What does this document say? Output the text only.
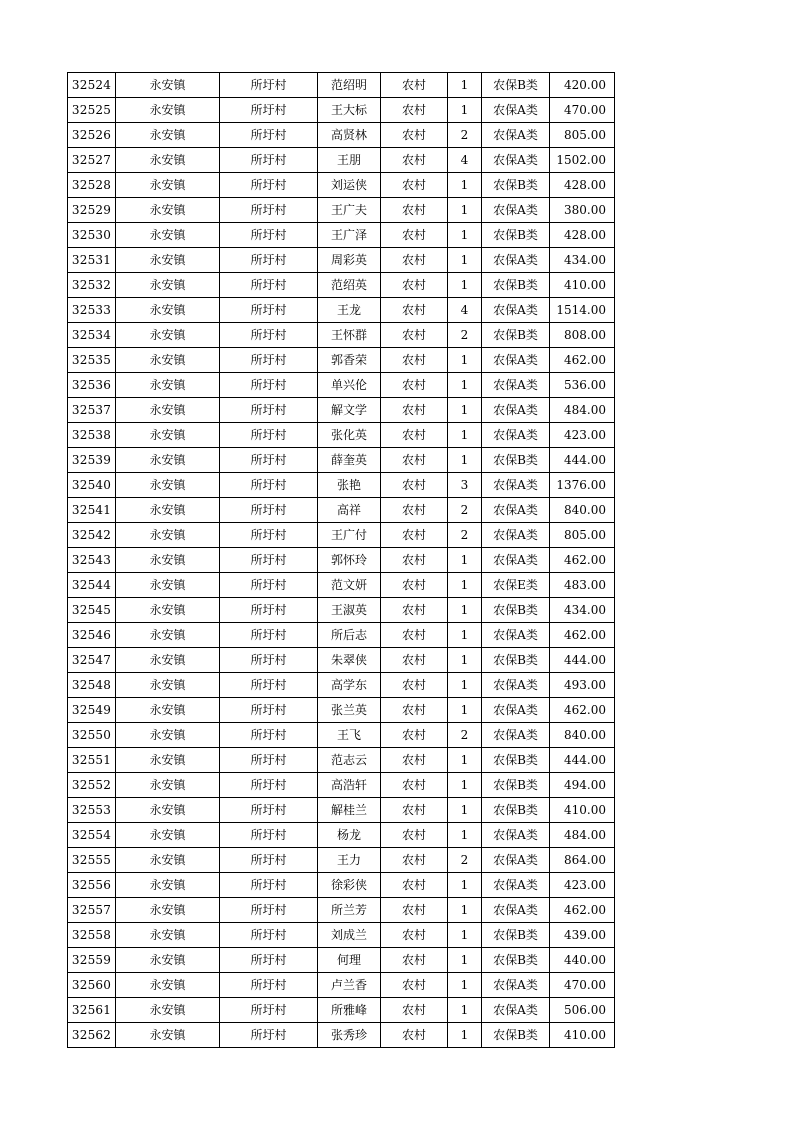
32524	永安镇	所圩村	范绍明	农村	1	农保B类	420.00
32525	永安镇	所圩村	王大标	农村	1	农保A类	470.00
32526	永安镇	所圩村	高贤林	农村	2	农保A类	805.00
32527	永安镇	所圩村	王朋	农村	4	农保A类	1502.00
32528	永安镇	所圩村	刘运侠	农村	1	农保B类	428.00
32529	永安镇	所圩村	王广夫	农村	1	农保A类	380.00
32530	永安镇	所圩村	王广泽	农村	1	农保B类	428.00
32531	永安镇	所圩村	周彩英	农村	1	农保A类	434.00
32532	永安镇	所圩村	范绍英	农村	1	农保B类	410.00
32533	永安镇	所圩村	王龙	农村	4	农保A类	1514.00
32534	永安镇	所圩村	王怀群	农村	2	农保B类	808.00
32535	永安镇	所圩村	郭香荣	农村	1	农保A类	462.00
32536	永安镇	所圩村	单兴伦	农村	1	农保A类	536.00
32537	永安镇	所圩村	解文学	农村	1	农保A类	484.00
32538	永安镇	所圩村	张化英	农村	1	农保A类	423.00
32539	永安镇	所圩村	薛奎英	农村	1	农保B类	444.00
32540	永安镇	所圩村	张艳	农村	3	农保A类	1376.00
32541	永安镇	所圩村	高祥	农村	2	农保A类	840.00
32542	永安镇	所圩村	王广付	农村	2	农保A类	805.00
32543	永安镇	所圩村	郭怀玲	农村	1	农保A类	462.00
32544	永安镇	所圩村	范文妍	农村	1	农保E类	483.00
32545	永安镇	所圩村	王淑英	农村	1	农保B类	434.00
32546	永安镇	所圩村	所后志	农村	1	农保A类	462.00
32547	永安镇	所圩村	朱翠侠	农村	1	农保B类	444.00
32548	永安镇	所圩村	高学东	农村	1	农保A类	493.00
32549	永安镇	所圩村	张兰英	农村	1	农保A类	462.00
32550	永安镇	所圩村	王飞	农村	2	农保A类	840.00
32551	永安镇	所圩村	范志云	农村	1	农保B类	444.00
32552	永安镇	所圩村	高浩轩	农村	1	农保B类	494.00
32553	永安镇	所圩村	解桂兰	农村	1	农保B类	410.00
32554	永安镇	所圩村	杨龙	农村	1	农保A类	484.00
32555	永安镇	所圩村	王力	农村	2	农保A类	864.00
32556	永安镇	所圩村	徐彩侠	农村	1	农保A类	423.00
32557	永安镇	所圩村	所兰芳	农村	1	农保A类	462.00
32558	永安镇	所圩村	刘成兰	农村	1	农保B类	439.00
32559	永安镇	所圩村	何理	农村	1	农保B类	440.00
32560	永安镇	所圩村	卢兰香	农村	1	农保A类	470.00
32561	永安镇	所圩村	所雅峰	农村	1	农保A类	506.00
32562	永安镇	所圩村	张秀珍	农村	1	农保B类	410.00
